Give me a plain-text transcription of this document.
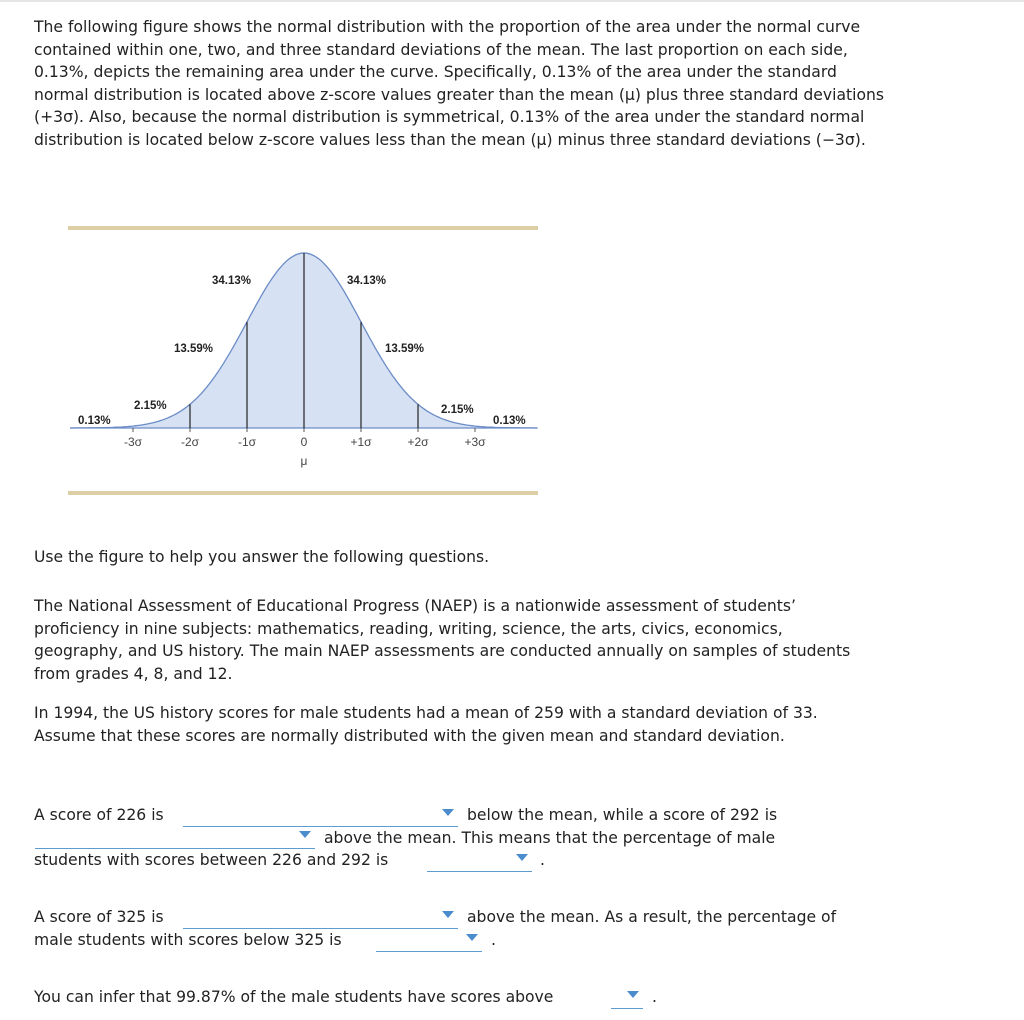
The following figure shows the normal distribution with the proportion of the area under the normal curve contained within one, two, and three standard deviations of the mean. The last proportion on each side, 0.13%, depicts the remaining area under the curve. Specifically, 0.13% of the area under the standard normal distribution is located above z-score values greater than the mean (μ) plus three standard deviations (+3σ). Also, because the normal distribution is symmetrical, 0.13% of the area under the standard normal distribution is located below z-score values less than the mean (μ) minus three standard deviations (−3σ).

-3σ	-2σ	-1σ	0	+1σ	+2σ	+3σ
0.13%
2.15%
13.59%
34.13%	34.13%
13.59%
2.15%
0.13%
μ

Use the figure to help you answer the following questions.

The National Assessment of Educational Progress (NAEP) is a nationwide assessment of students’ proficiency in nine subjects: mathematics, reading, writing, science, the arts, civics, economics, geography, and US history. The main NAEP assessments are conducted annually on samples of students from grades 4, 8, and 12.

In 1994, the US history scores for male students had a mean of 259 with a standard deviation of 33. Assume that these scores are normally distributed with the given mean and standard deviation.

A score of 226 is	below the mean, while a score of 292 is
above the mean. This means that the percentage of male
students with scores between 226 and 292 is	.
A score of 325 is	above the mean. As a result, the percentage of
male students with scores below 325 is	.
You can infer that 99.87% of the male students have scores above	.
